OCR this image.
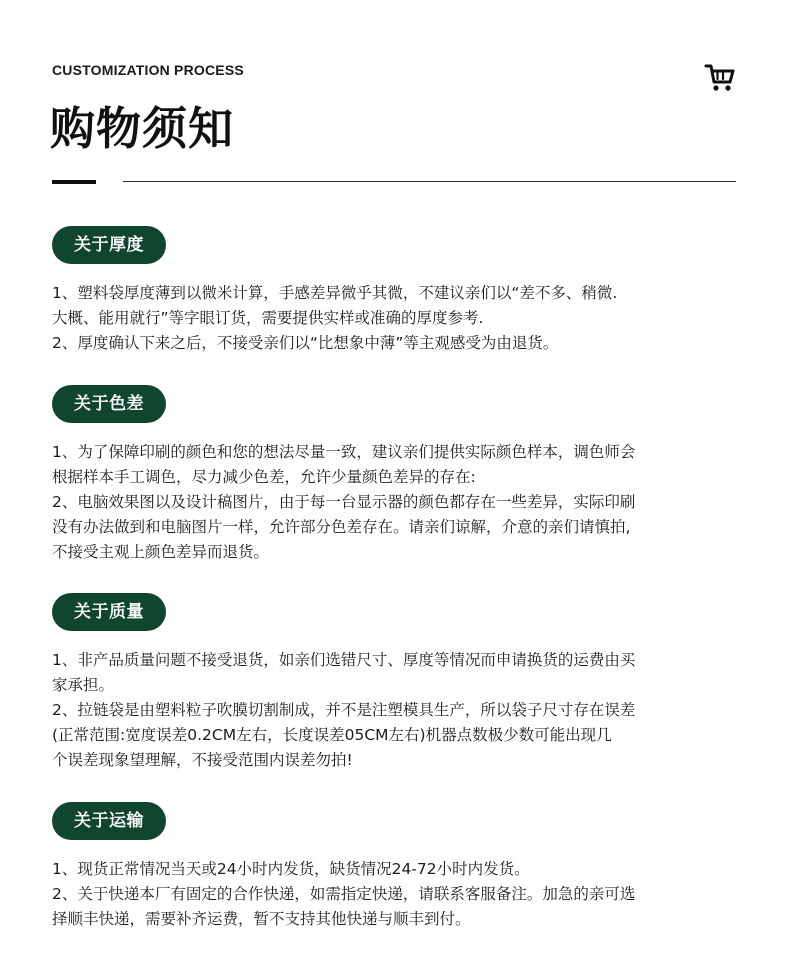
CUSTOMIZATION PROCESS
购物须知
关于厚度

1、塑料袋厚度薄到以微米计算，手感差异微乎其微，不建议亲们以“差不多、稍微.

大概、能用就行”等字眼订货，需要提供实样或准确的厚度参考.

2、厚度确认下来之后，不接受亲们以“比想象中薄”等主观感受为由退货。

关于色差

1、为了保障印刷的颜色和您的想法尽量一致，建议亲们提供实际颜色样本，调色师会

根据样本手工调色，尽力减少色差，允许少量颜色差异的存在:

2、电脑效果图以及设计稿图片，由于每一台显示器的颜色都存在一些差异，实际印刷

没有办法做到和电脑图片一样，允许部分色差存在。请亲们谅解，介意的亲们请慎拍,

不接受主观上颜色差异而退货。

关于质量

1、非产品质量问题不接受退货，如亲们选错尺寸、厚度等情况而申请换货的运费由买

家承担。

2、拉链袋是由塑料粒子吹膜切割制成，并不是注塑模具生产，所以袋子尺寸存在误差

(正常范围:宽度误差0.2CM左右，长度误差05CM左右)机器点数极少数可能出现几

个误差现象望理解，不接受范围内误差勿拍!

关于运输

1、现货正常情况当天或24小时内发货，缺货情况24-72小时内发货。

2、关于快递本厂有固定的合作快递，如需指定快递，请联系客服备注。加急的亲可选

择顺丰快递，需要补齐运费，暂不支持其他快递与顺丰到付。
